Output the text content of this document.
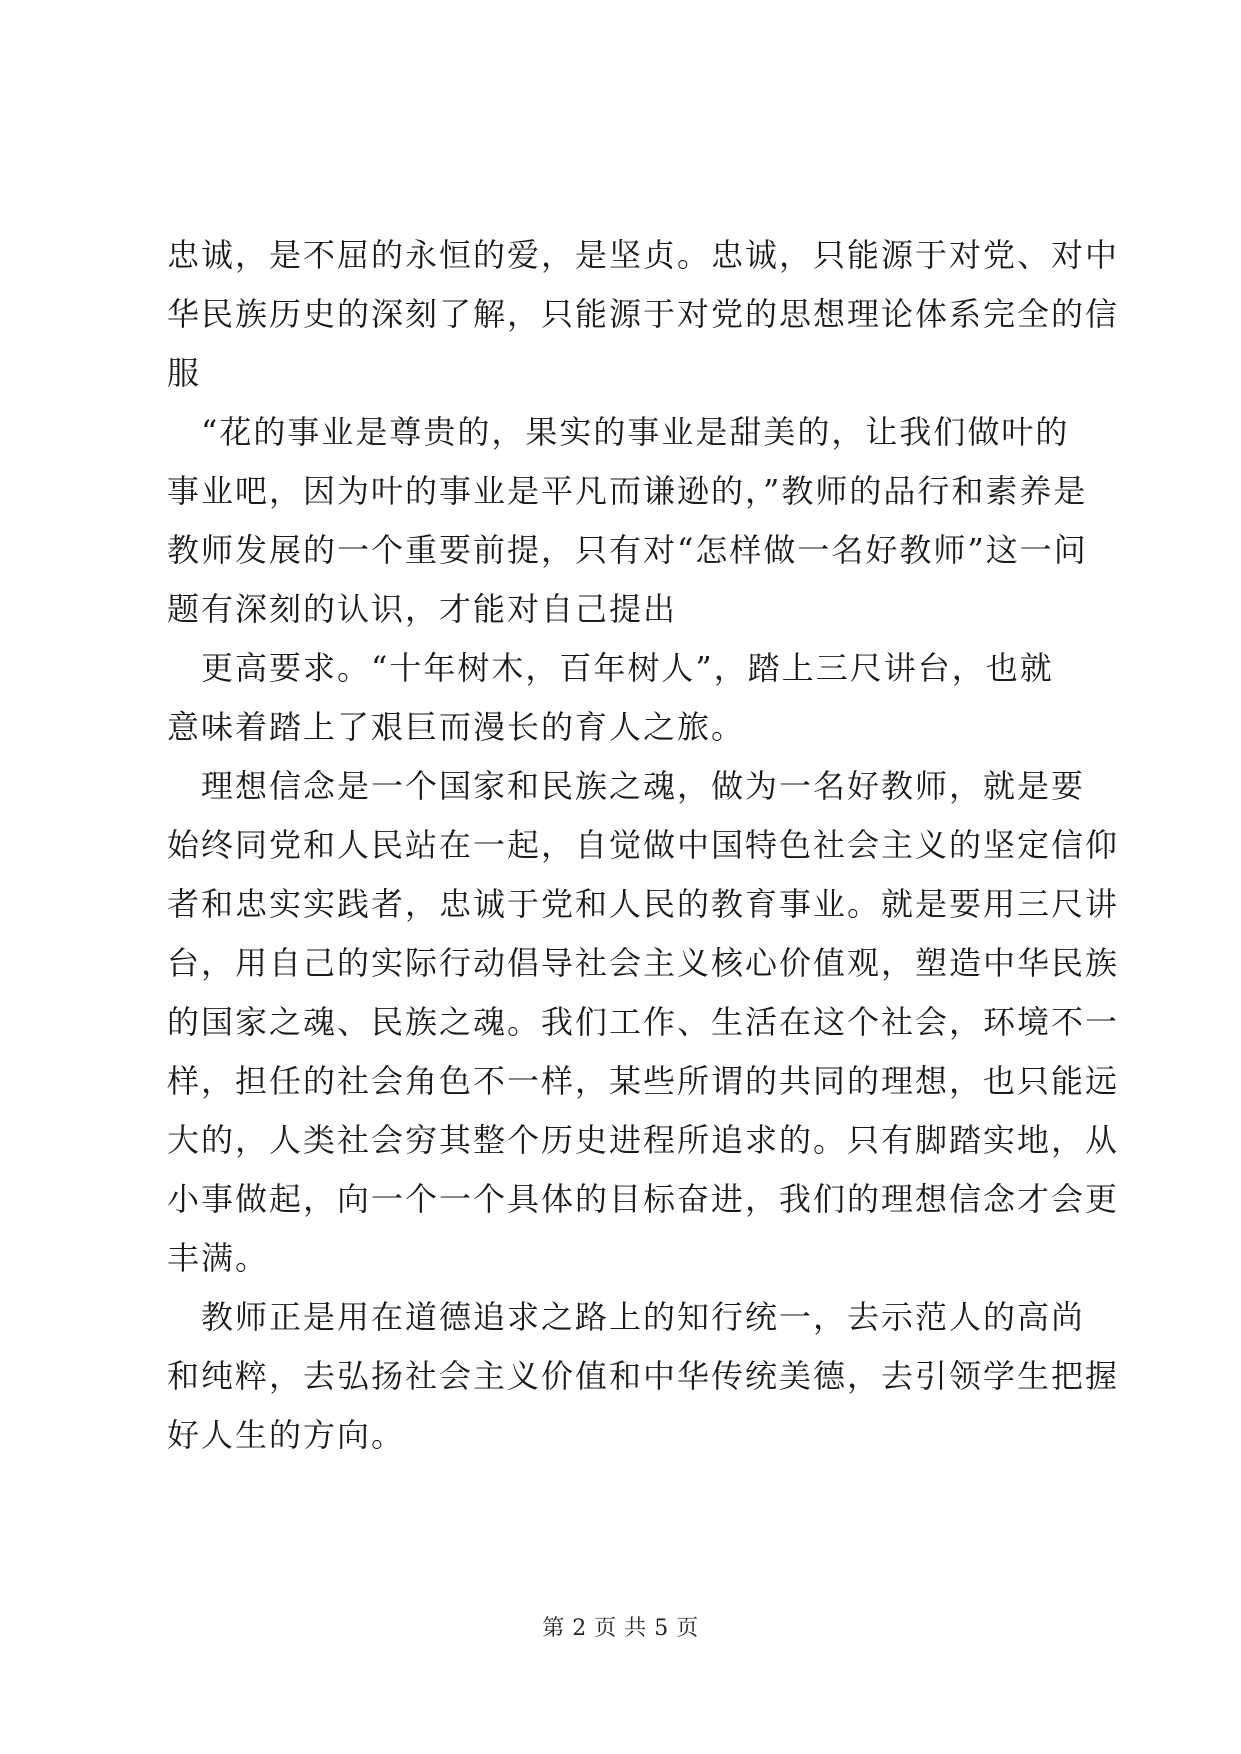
忠诚，是不屈的永恒的爱，是坚贞。忠诚，只能源于对党、对中
华民族历史的深刻了解，只能源于对党的思想理论体系完全的信
服
　“花的事业是尊贵的，果实的事业是甜美的，让我们做叶的
事业吧，因为叶的事业是平凡而谦逊的，”教师的品行和素养是
教师发展的一个重要前提，只有对“怎样做一名好教师”这一问
题有深刻的认识，才能对自己提出
　更高要求。“十年树木，百年树人”，踏上三尺讲台，也就
意味着踏上了艰巨而漫长的育人之旅。
　理想信念是一个国家和民族之魂，做为一名好教师，就是要
始终同党和人民站在一起，自觉做中国特色社会主义的坚定信仰
者和忠实实践者，忠诚于党和人民的教育事业。就是要用三尺讲
台，用自己的实际行动倡导社会主义核心价值观，塑造中华民族
的国家之魂、民族之魂。我们工作、生活在这个社会，环境不一
样，担任的社会角色不一样，某些所谓的共同的理想，也只能远
大的，人类社会穷其整个历史进程所追求的。只有脚踏实地，从
小事做起，向一个一个具体的目标奋进，我们的理想信念才会更
丰满。
　教师正是用在道德追求之路上的知行统一，去示范人的高尚
和纯粹，去弘扬社会主义价值和中华传统美德，去引领学生把握
好人生的方向。
第 2 页 共 5 页
